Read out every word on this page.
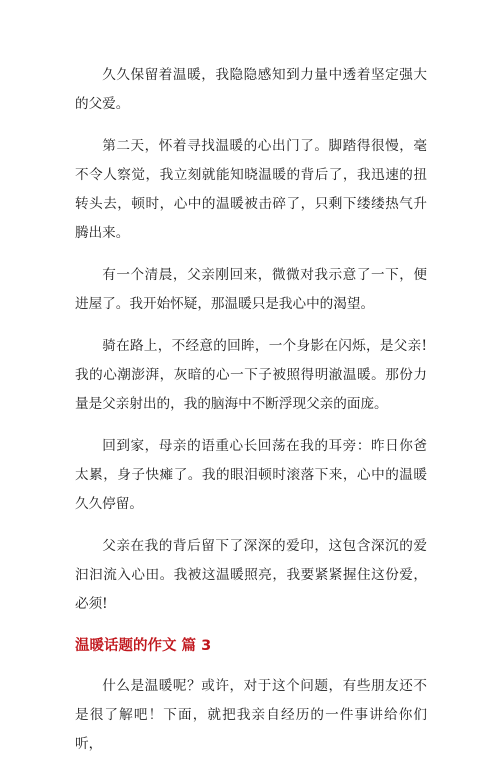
久久保留着温暖，我隐隐感知到力量中透着坚定强大的父爱。

第二天，怀着寻找温暖的心出门了。脚踏得很慢，毫不令人察觉，我立刻就能知晓温暖的背后了，我迅速的扭转头去，顿时，心中的温暖被击碎了，只剩下缕缕热气升腾出来。

有一个清晨，父亲刚回来，微微对我示意了一下，便进屋了。我开始怀疑，那温暖只是我心中的渴望。

骑在路上，不经意的回眸，一个身影在闪烁，是父亲!我的心潮澎湃，灰暗的心一下子被照得明澈温暖。那份力量是父亲射出的，我的脑海中不断浮现父亲的面庞。

回到家，母亲的语重心长回荡在我的耳旁：昨日你爸太累，身子快瘫了。我的眼泪顿时滚落下来，心中的温暖久久停留。

父亲在我的背后留下了深深的爱印，这包含深沉的爱汩汩流入心田。我被这温暖照亮，我要紧紧握住这份爱，必须!

温暖话题的作文 篇 3

什么是温暖呢？或许，对于这个问题，有些朋友还不是很了解吧！下面，就把我亲自经历的一件事讲给你们听，
